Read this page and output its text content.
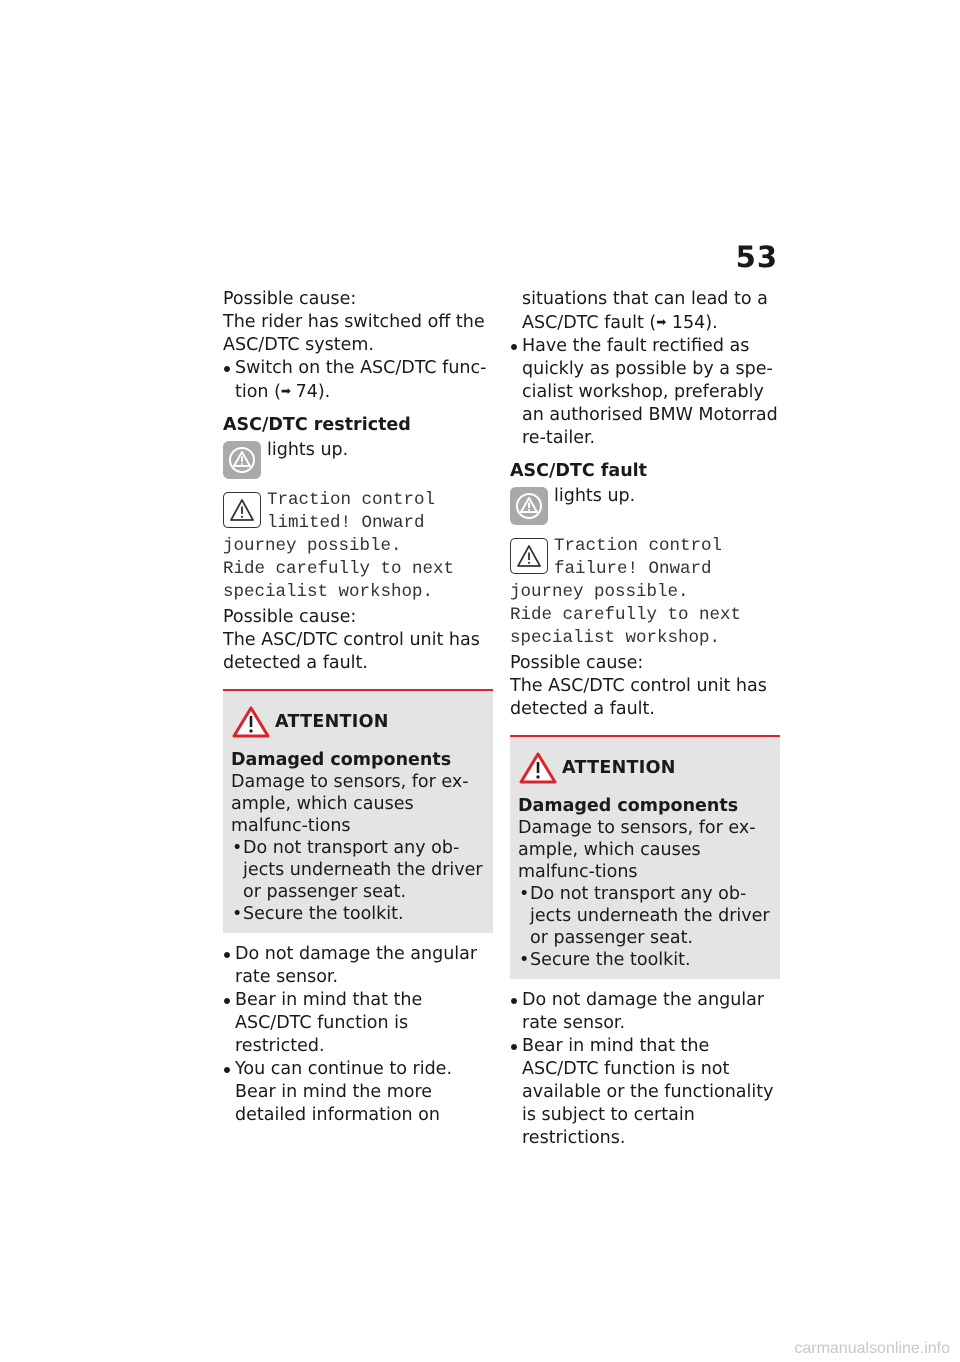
53

Possible cause:

The rider has switched off the ASC/DTC system.

Switch on the ASC/DTC func-tion (➡ 74).
ASC/DTC restricted
lights up.
Traction control
limited! Onward
journey possible.
Ride carefully to next
specialist workshop.

Possible cause:

The ASC/DTC control unit has detected a fault.

ATTENTION
Damaged components
Damage to sensors, for ex-ample, which causes malfunc-tions
• Do not transport any ob-jects underneath the driver or passenger seat.
• Secure the toolkit.
Do not damage the angular rate sensor.
Bear in mind that the ASC/DTC function is restricted.
You can continue to ride. Bear in mind the more detailed information on
situations that can lead to a ASC/DTC fault (➡ 154).
Have the fault rectified as quickly as possible by a spe-cialist workshop, preferably an authorised BMW Motorrad re-tailer.
ASC/DTC fault
lights up.
Traction control
failure! Onward
journey possible.
Ride carefully to next
specialist workshop.

Possible cause:

The ASC/DTC control unit has detected a fault.

ATTENTION
Damaged components
Damage to sensors, for ex-ample, which causes malfunc-tions
• Do not transport any ob-jects underneath the driver or passenger seat.
• Secure the toolkit.
Do not damage the angular rate sensor.
Bear in mind that the ASC/DTC function is not available or the functionality is subject to certain restrictions.
carmanualsonline.info
